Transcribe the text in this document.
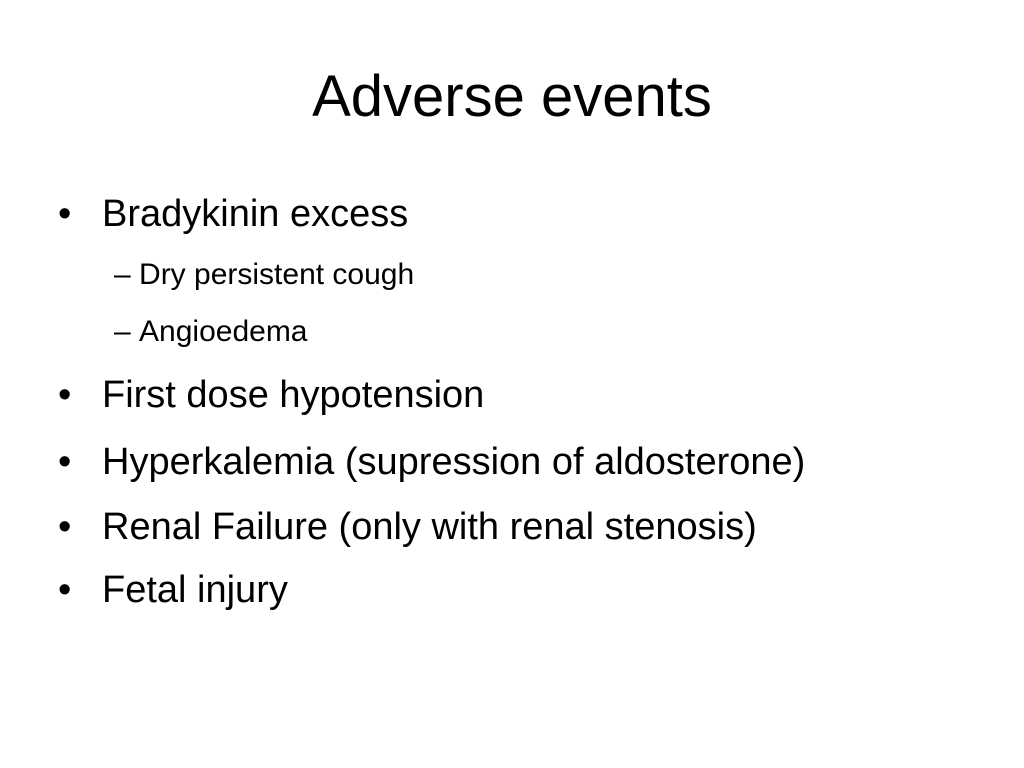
Adverse events
• Bradykinin excess
– Dry persistent cough
– Angioedema
• First dose hypotension
• Hyperkalemia (supression of aldosterone)
• Renal Failure (only with renal stenosis)
• Fetal injury
